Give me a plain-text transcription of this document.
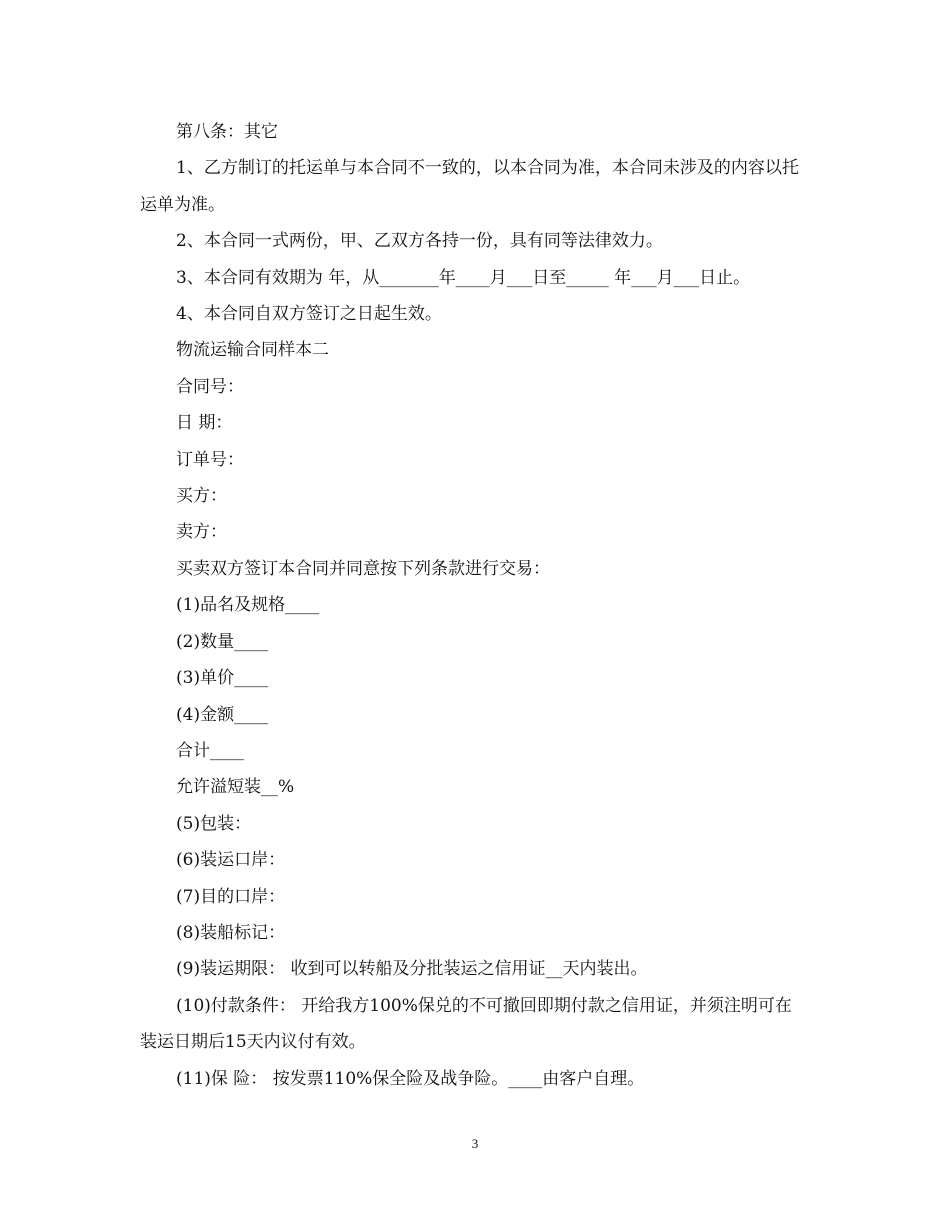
第八条：其它

1、乙方制订的托运单与本合同不一致的，以本合同为准，本合同未涉及的内容以托运单为准。

2、本合同一式两份，甲、乙双方各持一份，具有同等法律效力。

3、本合同有效期为 年，从_______年____月___日至_____ 年___月___日止。

4、本合同自双方签订之日起生效。

物流运输合同样本二

合同号：

日 期：

订单号：

买方：

卖方：

买卖双方签订本合同并同意按下列条款进行交易：

(1)品名及规格____

(2)数量____

(3)单价____

(4)金额____

合计____

允许溢短装__%

(5)包装：

(6)装运口岸：

(7)目的口岸：

(8)装船标记：

(9)装运期限： 收到可以转船及分批装运之信用证__天内装出。

(10)付款条件： 开给我方100%保兑的不可撤回即期付款之信用证，并须注明可在装运日期后15天内议付有效。

(11)保 险： 按发票110%保全险及战争险。____由客户自理。

3
